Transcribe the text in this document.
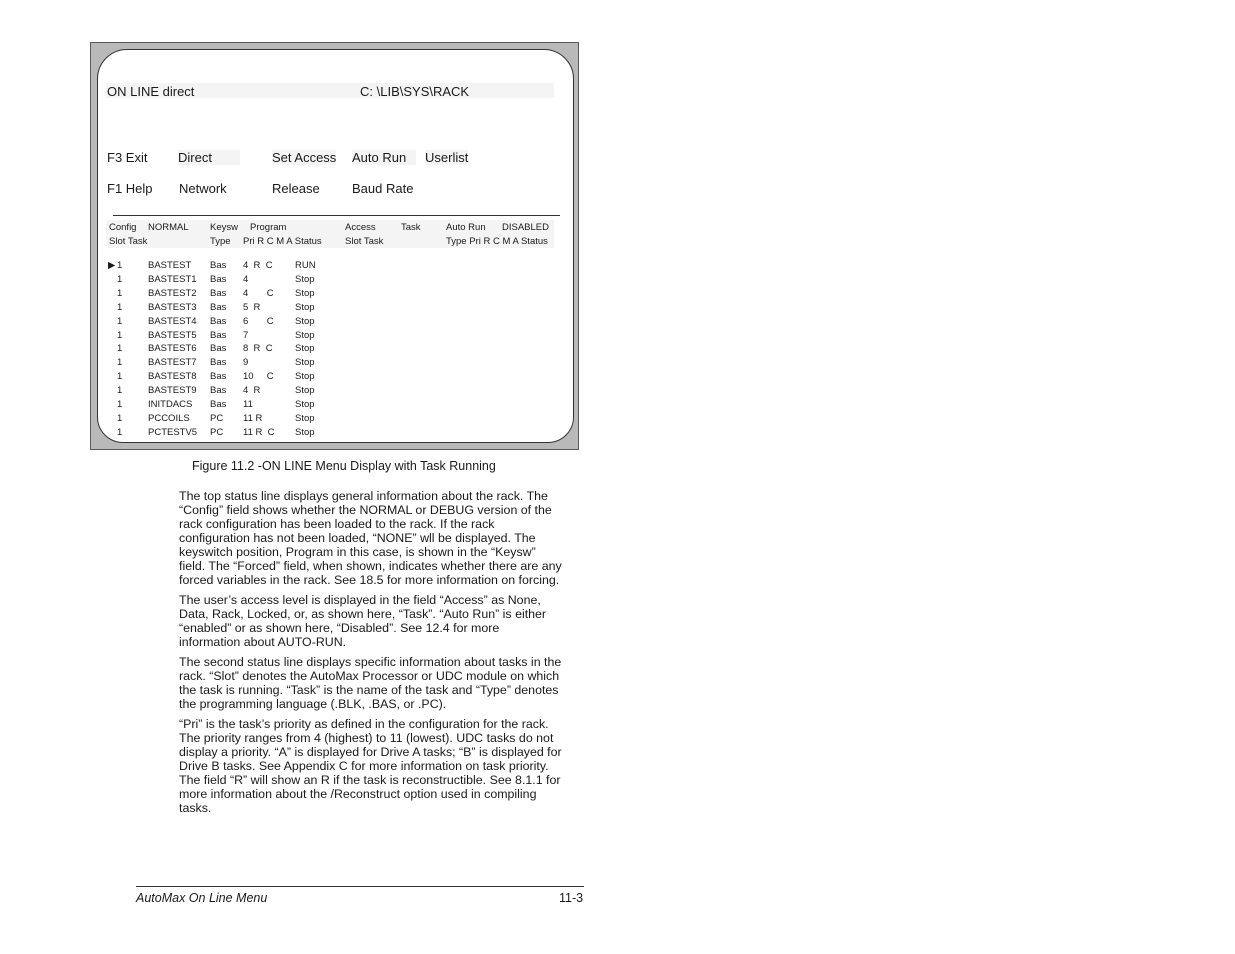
ON LINE direct	C: \LIB\SYS\RACK
F3 Exit Direct	Set Access Auto Run	Userlist
F1 Help Network	Release Baud Rate
Config NORMAL Keysw Program	Access	Task	Auto Run DISABLED
Slot Task	Type Pri R C M A Status Slot Task	Type Pri R C M A Status
▶ 1	BASTEST Bas 4  R  C RUN
1	BASTEST1 Bas 4	Stop
1	BASTEST2 Bas 4       C Stop
1	BASTEST3 Bas 5  R	Stop
1	BASTEST4 Bas 6       C Stop
1	BASTEST5 Bas 7	Stop
1	BASTEST6 Bas 8  R  C Stop
1	BASTEST7 Bas 9	Stop
1	BASTEST8 Bas 10     C Stop
1	BASTEST9 Bas 4  R	Stop
1	INITDACS Bas 11	Stop
1	PCCOILS PC 11 R	Stop
1	PCTESTV5 PC 11 R  C Stop
Figure 11.2 -ON LINE Menu Display with Task Running

The top status line displays general information about the rack. The “Config” field shows whether the NORMAL or DEBUG version of the rack configuration has been loaded to the rack. If the rack configuration has not been loaded, “NONE” wll be displayed. The keyswitch position, Program in this case, is shown in the “Keysw” field. The “Forced” field, when shown, indicates whether there are any forced variables in the rack. See 18.5 for more information on forcing.

The user’s access level is displayed in the field “Access” as None, Data, Rack, Locked, or, as shown here, “Task”. “Auto Run” is either “enabled” or as shown here, “Disabled”. See 12.4 for more information about AUTO-RUN.

The second status line displays specific information about tasks in the rack. “Slot” denotes the AutoMax Processor or UDC module on which the task is running. “Task” is the name of the task and “Type” denotes the programming language (.BLK, .BAS, or .PC).

“Pri” is the task’s priority as defined in the configuration for the rack. The priority ranges from 4 (highest) to 11 (lowest). UDC tasks do not display a priority. “A” is displayed for Drive A tasks; “B” is displayed for Drive B tasks. See Appendix C for more information on task priority. The field “R” will show an R if the task is reconstructible. See 8.1.1 for more information about the /Reconstruct option used in compiling tasks.

AutoMax On Line Menu	11-3
